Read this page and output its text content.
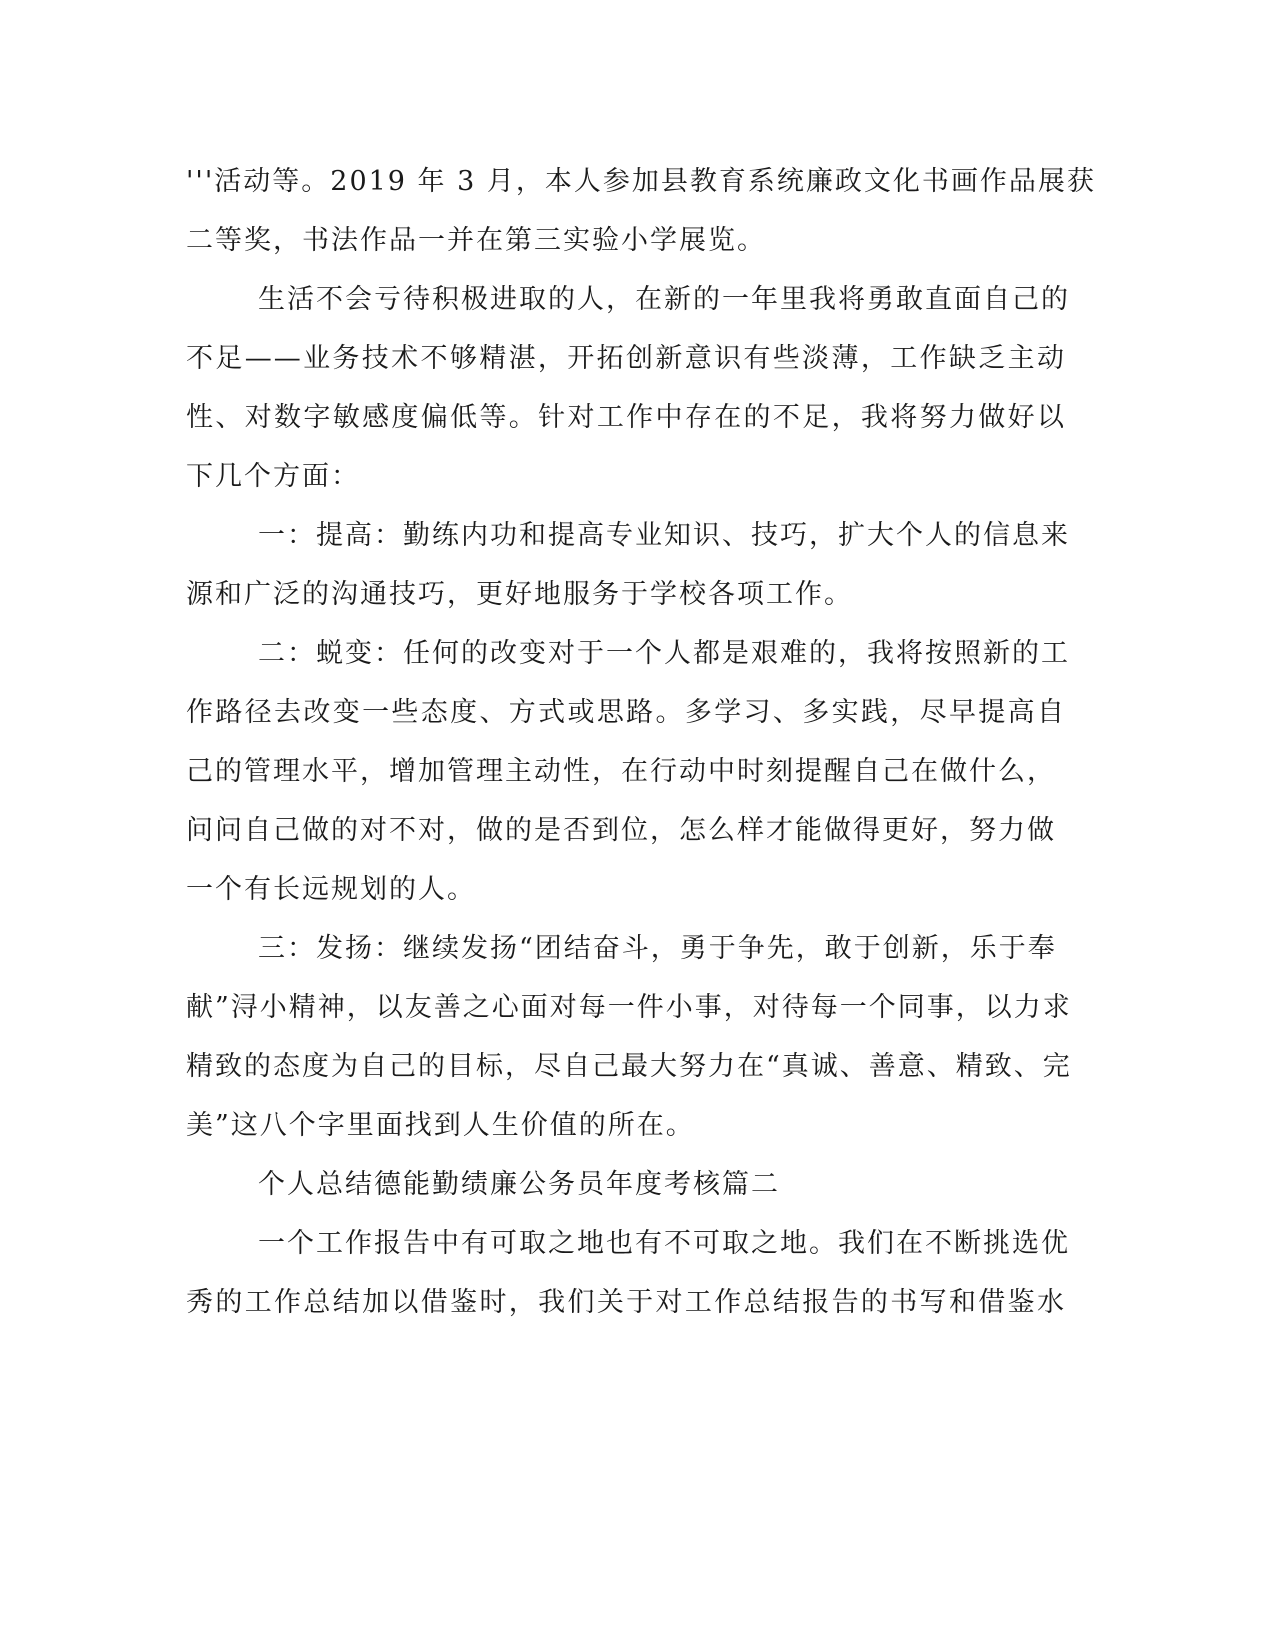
'''活动等。2019 年 3 月，本人参加县教育系统廉政文化书画作品展获
二等奖，书法作品一并在第三实验小学展览。
生活不会亏待积极进取的人，在新的一年里我将勇敢直面自己的
不足——业务技术不够精湛，开拓创新意识有些淡薄，工作缺乏主动
性、对数字敏感度偏低等。针对工作中存在的不足，我将努力做好以
下几个方面：
一：提高：勤练内功和提高专业知识、技巧，扩大个人的信息来
源和广泛的沟通技巧，更好地服务于学校各项工作。
二：蜕变：任何的改变对于一个人都是艰难的，我将按照新的工
作路径去改变一些态度、方式或思路。多学习、多实践，尽早提高自
己的管理水平，增加管理主动性，在行动中时刻提醒自己在做什么，
问问自己做的对不对，做的是否到位，怎么样才能做得更好，努力做
一个有长远规划的人。
三：发扬：继续发扬“团结奋斗，勇于争先，敢于创新，乐于奉
献”浔小精神，以友善之心面对每一件小事，对待每一个同事，以力求
精致的态度为自己的目标，尽自己最大努力在“真诚、善意、精致、完
美”这八个字里面找到人生价值的所在。
个人总结德能勤绩廉公务员年度考核篇二
一个工作报告中有可取之地也有不可取之地。我们在不断挑选优
秀的工作总结加以借鉴时，我们关于对工作总结报告的书写和借鉴水
